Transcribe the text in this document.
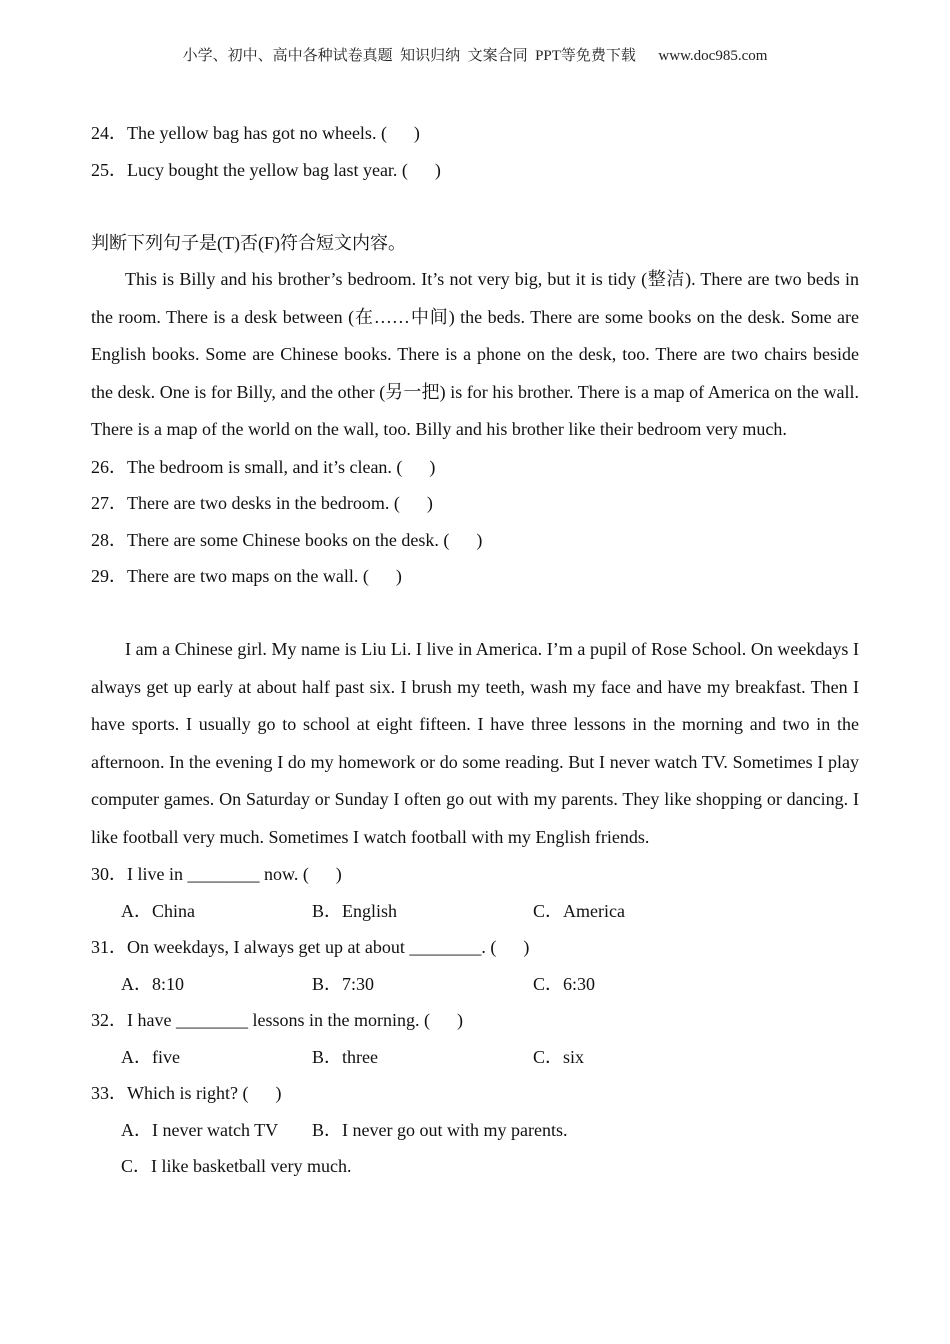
小学、初中、高中各种试卷真题  知识归纳  文案合同  PPT等免费下载      www.doc985.com
24．The yellow bag has got no wheels. (      )
25．Lucy bought the yellow bag last year. (      )
判断下列句子是(T)否(F)符合短文内容。

This is Billy and his brother’s bedroom. It’s not very big, but it is tidy (整洁). There are two beds in the room. There is a desk between (在……中间) the beds. There are some books on the desk. Some are English books. Some are Chinese books. There is a phone on the desk, too. There are two chairs beside the desk. One is for Billy, and the other (另一把) is for his brother. There is a map of America on the wall. There is a map of the world on the wall, too. Billy and his brother like their bedroom very much.

26．The bedroom is small, and it’s clean. (      )
27．There are two desks in the bedroom. (      )
28．There are some Chinese books on the desk. (      )
29．There are two maps on the wall. (      )

I am a Chinese girl. My name is Liu Li. I live in America. I’m a pupil of Rose School. On weekdays I always get up early at about half past six. I brush my teeth, wash my face and have my breakfast. Then I have sports. I usually go to school at eight fifteen. I have three lessons in the morning and two in the afternoon. In the evening I do my homework or do some reading. But I never watch TV. Sometimes I play computer games. On Saturday or Sunday I often go out with my parents. They like shopping or dancing. I like football very much. Sometimes I watch football with my English friends.

30．I live in ________ now. (      )
A．China	B．English	C．America
31．On weekdays, I always get up at about ________. (      )
A．8:10	B．7:30	C．6:30
32．I have ________ lessons in the morning. (      )
A．five	B．three	C．six
33．Which is right? (      )
A．I never watch TV B．I never go out with my parents.
C．I like basketball very much.
